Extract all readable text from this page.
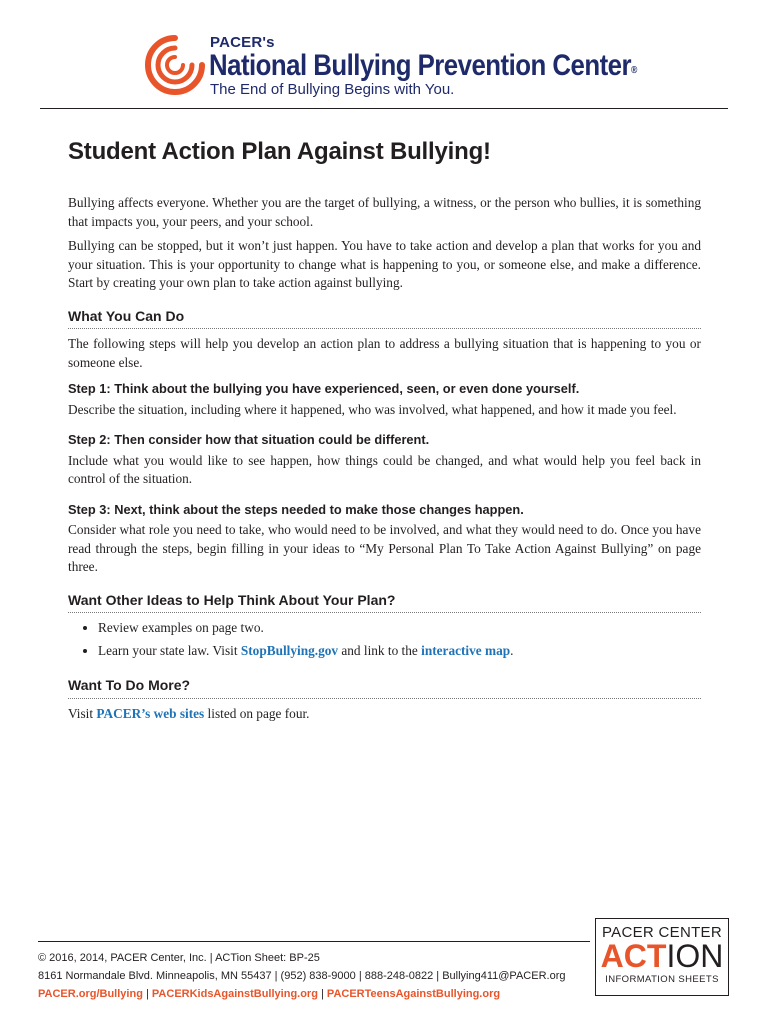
PACER's
National Bullying Prevention Center®
The End of Bullying Begins with You.
Student Action Plan Against Bullying!

Bullying affects everyone. Whether you are the target of bullying, a witness, or the person who bullies, it is something that impacts you, your peers, and your school.

Bullying can be stopped, but it won’t just happen. You have to take action and develop a plan that works for you and your situation. This is your opportunity to change what is happening to you, or someone else, and make a difference. Start by creating your own plan to take action against bullying.

What You Can Do

The following steps will help you develop an action plan to address a bullying situation that is happening to you or someone else.

Step 1: Think about the bullying you have experienced, seen, or even done yourself.

Describe the situation, including where it happened, who was involved, what happened, and how it made you feel.

Step 2: Then consider how that situation could be different.

Include what you would like to see happen, how things could be changed, and what would help you feel back in control of the situation.

Step 3: Next, think about the steps needed to make those changes happen.

Consider what role you need to take, who would need to be involved, and what they would need to do. Once you have read through the steps, begin filling in your ideas to “My Personal Plan To Take Action Against Bullying” on page three.

Want Other Ideas to Help Think About Your Plan?
• Review examples on page two.
• Learn your state law. Visit StopBullying.gov and link to the interactive map.
Want To Do More?

Visit PACER’s web sites listed on page four.

© 2016, 2014, PACER Center, Inc. | ACTion Sheet: BP-25
8161 Normandale Blvd. Minneapolis, MN 55437 | (952) 838-9000 | 888-248-0822 | Bullying411@PACER.org
PACER.org/Bullying | PACERKidsAgainstBullying.org | PACERTeensAgainstBullying.org
PACER CENTER
ACTION
INFORMATION SHEETS
